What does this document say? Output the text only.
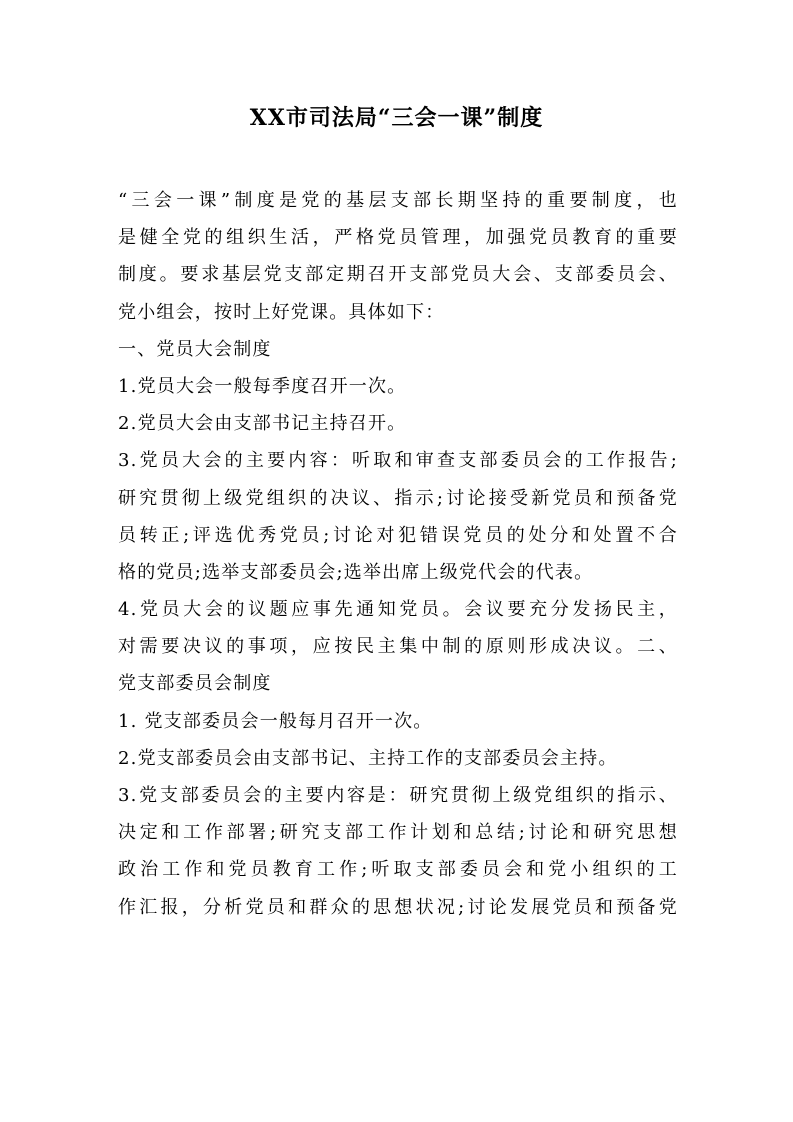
XX市司法局“三会一课”制度
“三会一课”制度是党的基层支部长期坚持的重要制度，也
是健全党的组织生活，严格党员管理，加强党员教育的重要
制度。要求基层党支部定期召开支部党员大会、支部委员会、
党小组会，按时上好党课。具体如下：
一、党员大会制度
1.党员大会一般每季度召开一次。
2.党员大会由支部书记主持召开。
3.党员大会的主要内容：听取和审查支部委员会的工作报告;
研究贯彻上级党组织的决议、指示;讨论接受新党员和预备党
员转正;评选优秀党员;讨论对犯错误党员的处分和处置不合
格的党员;选举支部委员会;选举出席上级党代会的代表。
4.党员大会的议题应事先通知党员。会议要充分发扬民主，
对需要决议的事项，应按民主集中制的原则形成决议。二、
党支部委员会制度
1. 党支部委员会一般每月召开一次。
2.党支部委员会由支部书记、主持工作的支部委员会主持。
3.党支部委员会的主要内容是：研究贯彻上级党组织的指示、
决定和工作部署;研究支部工作计划和总结;讨论和研究思想
政治工作和党员教育工作;听取支部委员会和党小组织的工
作汇报，分析党员和群众的思想状况;讨论发展党员和预备党
